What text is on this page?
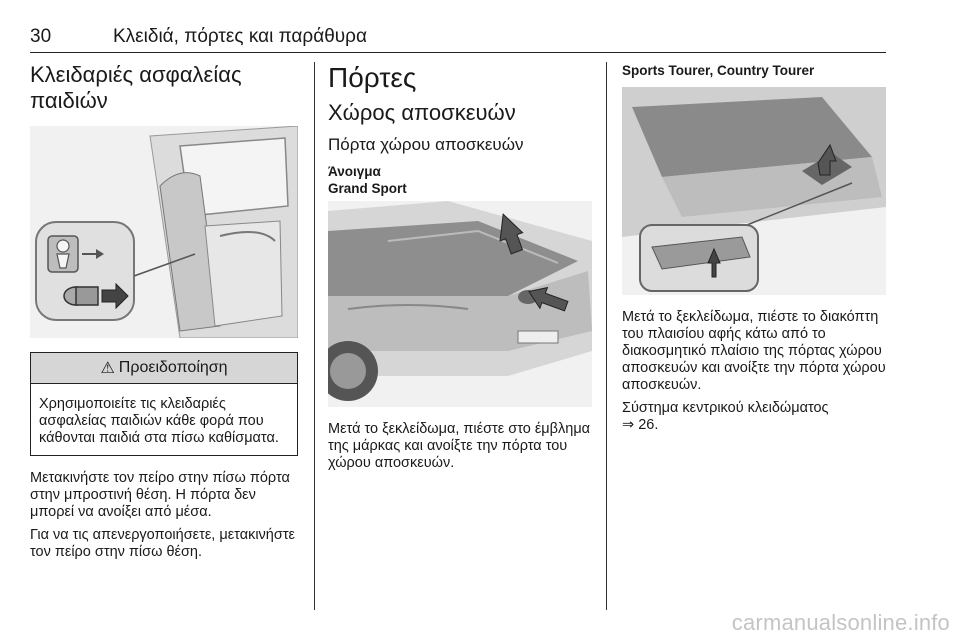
30	Κλειδιά, πόρτες και παράθυρα
Κλειδαριές ασφαλείας
παιδιών
⚠ Προειδοποίηση

Χρησιμοποιείτε τις κλειδαριές ασφαλείας παιδιών κάθε φορά που κάθονται παιδιά στα πίσω καθίσματα.

Μετακινήστε τον πείρο στην πίσω πόρτα στην μπροστινή θέση. Η πόρτα δεν μπορεί να ανοίξει από μέσα.

Για να τις απενεργοποιήσετε, μετακινήστε τον πείρο στην πίσω θέση.

Πόρτες
Χώρος αποσκευών
Πόρτα χώρου αποσκευών
Άνοιγμα
Grand Sport

Μετά το ξεκλείδωμα, πιέστε στο έμβλημα της μάρκας και ανοίξτε την πόρτα του χώρου αποσκευών.

Sports Tourer, Country Tourer

Μετά το ξεκλείδωμα, πιέστε το διακόπτη του πλαισίου αφής κάτω από το διακοσμητικό πλαίσιο της πόρτας χώρου αποσκευών και ανοίξτε την πόρτα χώρου αποσκευών.

Σύστημα κεντρικού κλειδώματος
⇒ 26.

carmanualsonline.info
